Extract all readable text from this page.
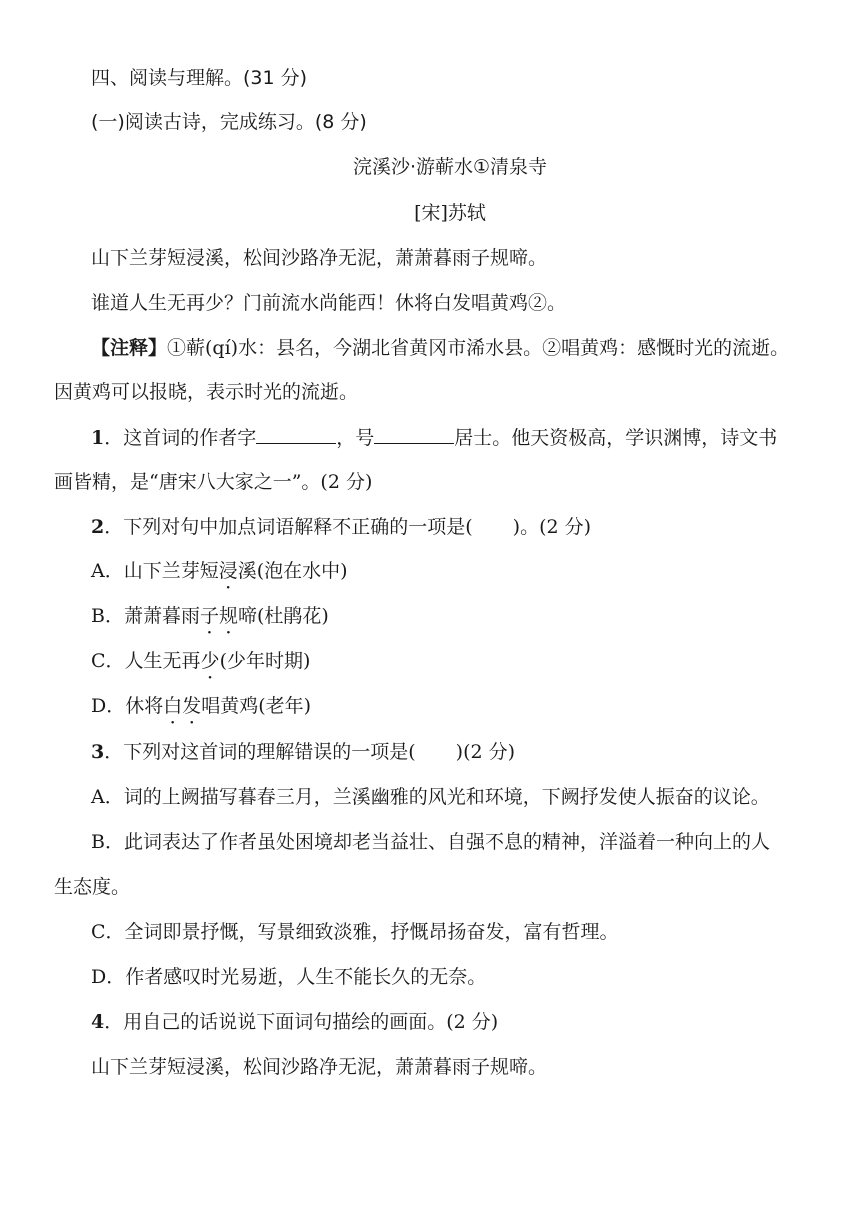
四、阅读与理解。(31 分)
(一)阅读古诗，完成练习。(8 分)
浣溪沙·游蕲水①清泉寺
[宋]苏轼
山下兰芽短浸溪，松间沙路净无泥，萧萧暮雨子规啼。
谁道人生无再少？门前流水尚能西！休将白发唱黄鸡②。
【注释】①蕲(qí)水：县名，今湖北省黄冈市浠水县。②唱黄鸡：感慨时光的流逝。
因黄鸡可以报晓，表示时光的流逝。
1．这首词的作者字	，号	居士。他天资极高，学识渊博，诗文书
画皆精，是“唐宋八大家之一”。(2 分)
2．下列对句中加点词语解释不正确的一项是( )。(2 分)
A．山下兰芽短浸溪(泡在水中)
B．萧萧暮雨子规啼(杜鹃花)
C．人生无再少(少年时期)
D．休将白发唱黄鸡(老年)
3．下列对这首词的理解错误的一项是( )(2 分)
A．词的上阙描写暮春三月，兰溪幽雅的风光和环境，下阙抒发使人振奋的议论。
B．此词表达了作者虽处困境却老当益壮、自强不息的精神，洋溢着一种向上的人
生态度。
C．全词即景抒慨，写景细致淡雅，抒慨昂扬奋发，富有哲理。
D．作者感叹时光易逝，人生不能长久的无奈。
4．用自己的话说说下面词句描绘的画面。(2 分)
山下兰芽短浸溪，松间沙路净无泥，萧萧暮雨子规啼。
